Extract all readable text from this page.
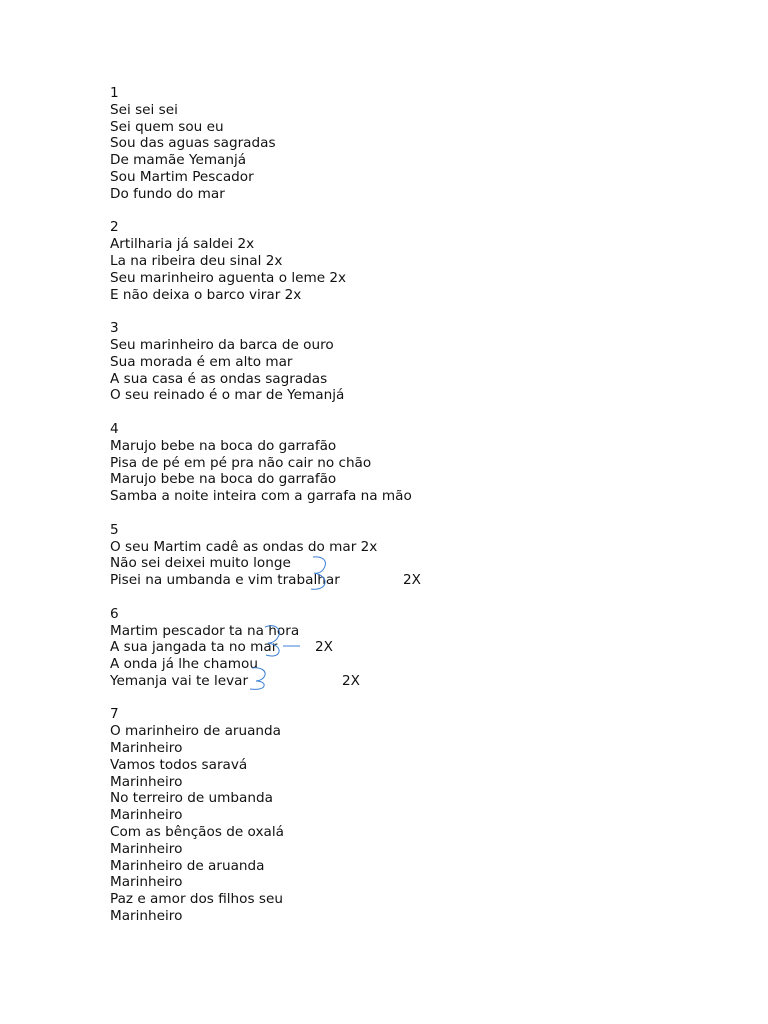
1
Sei sei sei
Sei quem sou eu
Sou das aguas sagradas
De mamãe Yemanjá
Sou Martim Pescador
Do fundo do mar
2
Artilharia já saldei 2x
La na ribeira deu sinal 2x
Seu marinheiro aguenta o leme 2x
E não deixa o barco virar 2x
3
Seu marinheiro da barca de ouro
Sua morada é em alto mar
A sua casa é as ondas sagradas
O seu reinado é o mar de Yemanjá
4
Marujo bebe na boca do garrafão
Pisa de pé em pé pra não cair no chão
Marujo bebe na boca do garrafão
Samba a noite inteira com a garrafa na mão
5
O seu Martim cadê as ondas do mar 2x
Não sei deixei muito longe
Pisei na umbanda e vim trabalhar	2X
6
Martim pescador ta na hora
A sua jangada ta no mar	2X
A onda já lhe chamou
Yemanja vai te levar	2X
7
O marinheiro de aruanda
Marinheiro
Vamos todos saravá
Marinheiro
No terreiro de umbanda
Marinheiro
Com as bênçãos de oxalá
Marinheiro
Marinheiro de aruanda
Marinheiro
Paz e amor dos filhos seu
Marinheiro
